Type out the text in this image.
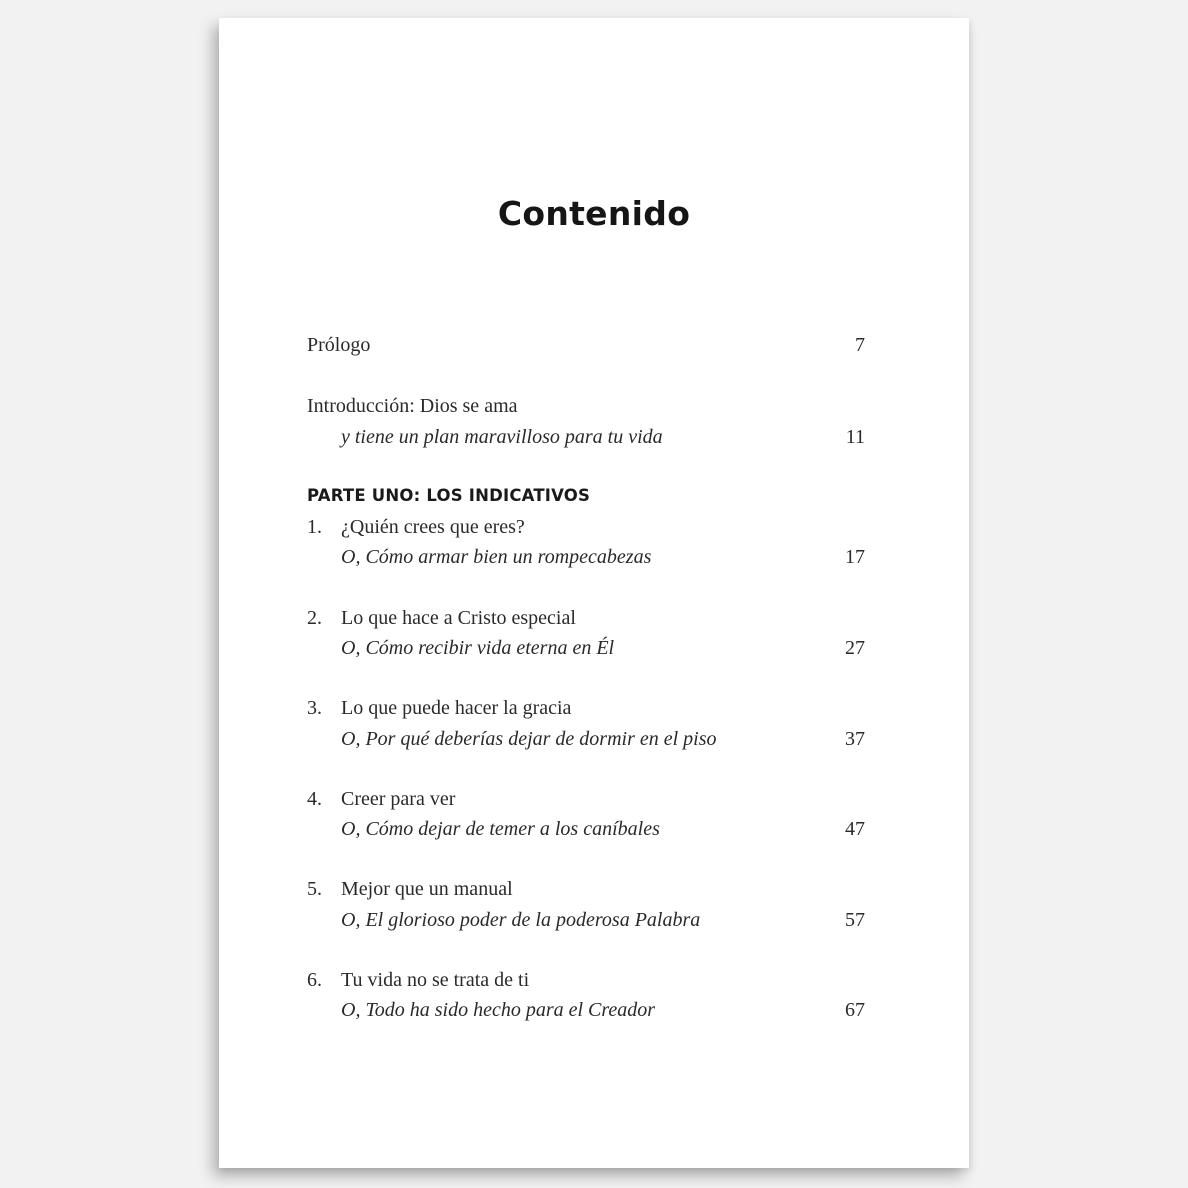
Contenido
Prólogo	7
Introducción: Dios se ama
y tiene un plan maravilloso para tu vida	11
PARTE UNO: LOS INDICATIVOS
1. ¿Quién crees que eres?
O, Cómo armar bien un rompecabezas	17
2. Lo que hace a Cristo especial
O, Cómo recibir vida eterna en Él	27
3. Lo que puede hacer la gracia
O, Por qué deberías dejar de dormir en el piso	37
4. Creer para ver
O, Cómo dejar de temer a los caníbales	47
5. Mejor que un manual
O, El glorioso poder de la poderosa Palabra	57
6. Tu vida no se trata de ti
O, Todo ha sido hecho para el Creador	67
